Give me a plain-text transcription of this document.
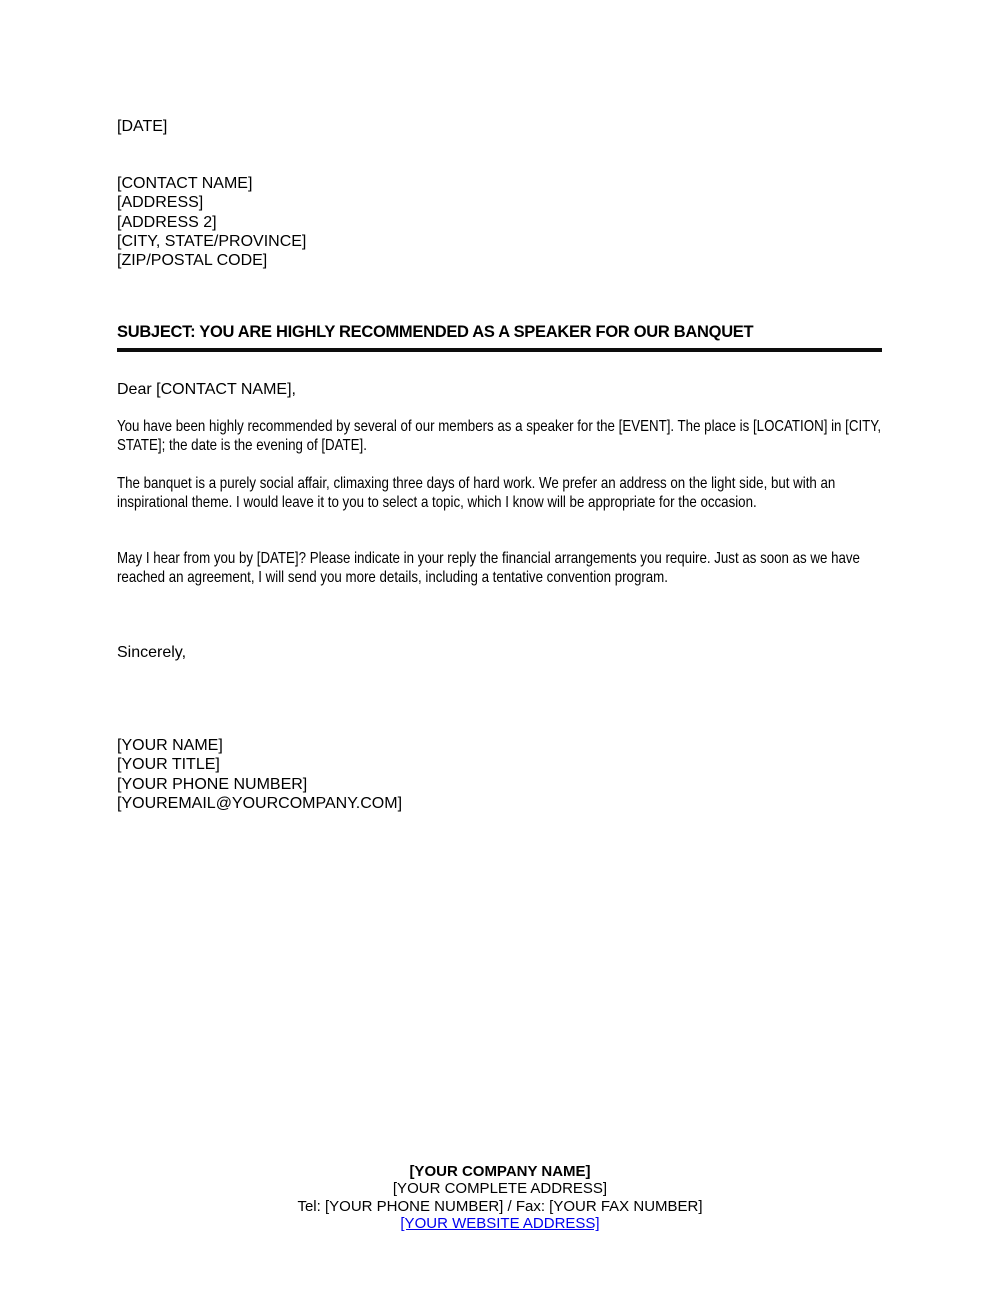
[DATE]
[CONTACT NAME]
[ADDRESS]
[ADDRESS 2]
[CITY, STATE/PROVINCE]
[ZIP/POSTAL CODE]
SUBJECT: YOU ARE HIGHLY RECOMMENDED AS A SPEAKER FOR OUR BANQUET
Dear [CONTACT NAME],
You have been highly recommended by several of our members as a speaker for the [EVENT]. The place is [LOCATION] in [CITY, STATE]; the date is the evening of [DATE].
The banquet is a purely social affair, climaxing three days of hard work. We prefer an address on the light side, but with an inspirational theme. I would leave it to you to select a topic, which I know will be appropriate for the occasion.
May I hear from you by [DATE]? Please indicate in your reply the financial arrangements you require. Just as soon as we have reached an agreement, I will send you more details, including a tentative convention program.
Sincerely,
[YOUR NAME]
[YOUR TITLE]
[YOUR PHONE NUMBER]
[YOUREMAIL@YOURCOMPANY.COM]
[YOUR COMPANY NAME]
[YOUR COMPLETE ADDRESS]
Tel: [YOUR PHONE NUMBER] / Fax: [YOUR FAX NUMBER]
[YOUR WEBSITE ADDRESS]
